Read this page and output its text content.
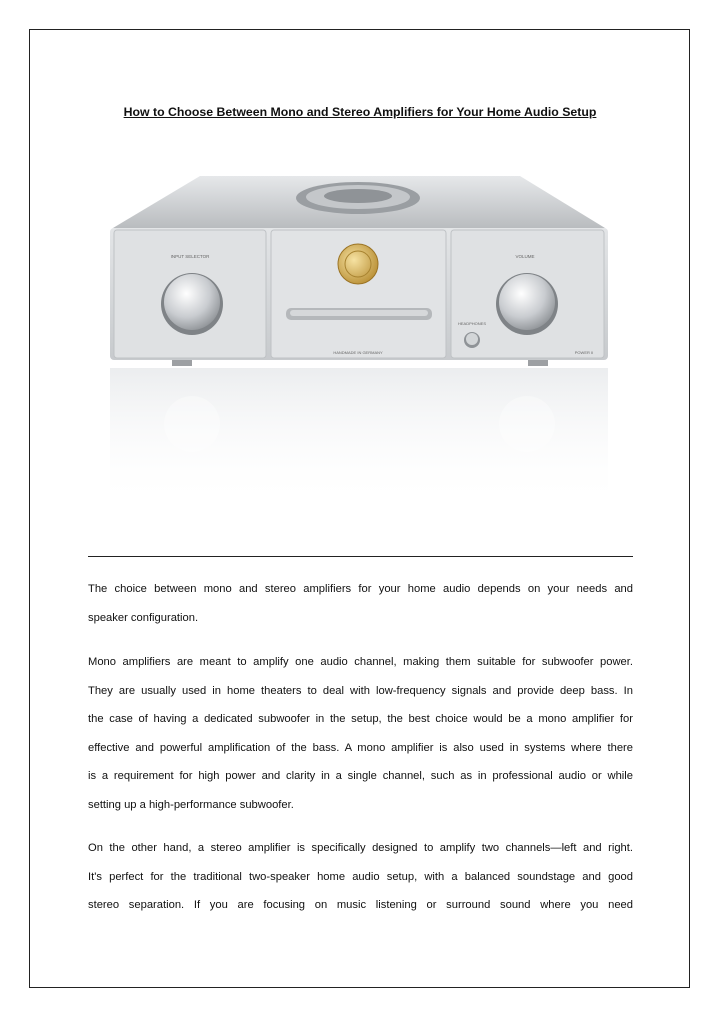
How to Choose Between Mono and Stereo Amplifiers for Your Home Audio Setup
INPUT SELECTOR	VOLUME
HEADPHONES
HANDMADE IN GERMANY	POWER II
The choice between mono and stereo amplifiers for your home audio depends on your needs and
speaker configuration.
Mono amplifiers are meant to amplify one audio channel, making them suitable for subwoofer power.
They are usually used in home theaters to deal with low-frequency signals and provide deep bass. In
the case of having a dedicated subwoofer in the setup, the best choice would be a mono amplifier for
effective and powerful amplification of the bass. A mono amplifier is also used in systems where there
is a requirement for high power and clarity in a single channel, such as in professional audio or while
setting up a high-performance subwoofer.
On the other hand, a stereo amplifier is specifically designed to amplify two channels—left and right.
It's perfect for the traditional two-speaker home audio setup, with a balanced soundstage and good
stereo separation. If you are focusing on music listening or surround sound where you need
